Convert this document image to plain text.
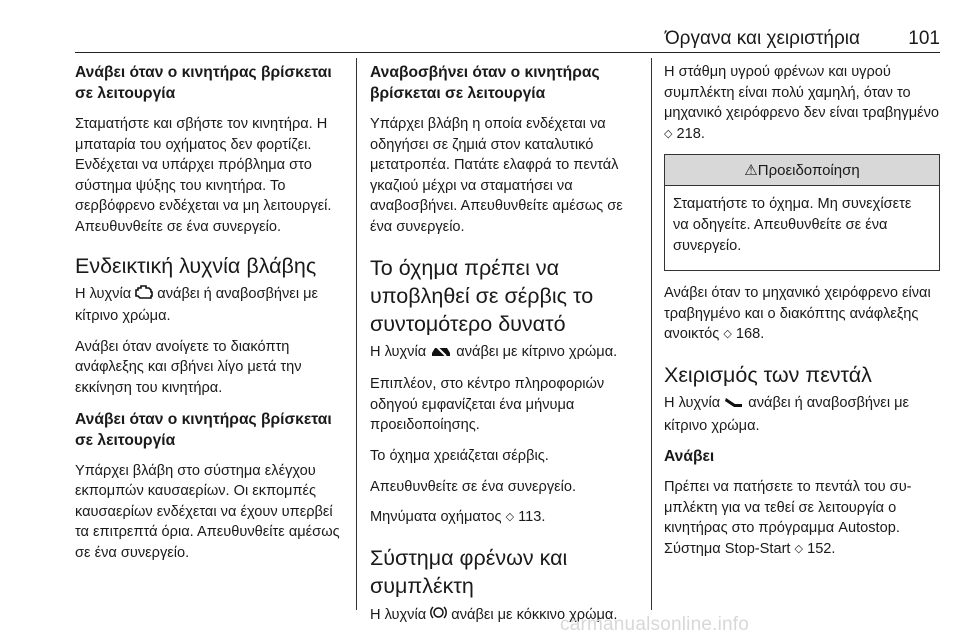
Όργανα και χειριστήρια	101
Ανάβει όταν ο κινητήρας βρίσκεται σε λειτουργία

Σταματήστε και σβήστε τον κινητήρα. Η μπαταρία του οχήματος δεν φορτίζει. Ενδέχεται να υπάρχει πρόβλημα στο σύστημα ψύξης του κινητήρα. Το σερβόφρενο ενδέχεται να μη λειτουργεί. Απευθυνθείτε σε ένα συνεργείο.

Ενδεικτική λυχνία βλάβης

Η λυχνία  ανάβει ή αναβοσβήνει με κίτρινο χρώμα.

Ανάβει όταν ανοίγετε το διακόπτη ανάφλεξης και σβήνει λίγο μετά την εκκίνηση του κινητήρα.

Ανάβει όταν ο κινητήρας βρίσκεται σε λειτουργία

Υπάρχει βλάβη στο σύστημα ελέγχου εκπομπών καυσαερίων. Οι εκπομπές καυσαερίων ενδέχεται να έχουν υπερβεί τα επιτρεπτά όρια. Απευθυνθείτε αμέσως σε ένα συνεργείο.

Αναβοσβήνει όταν ο κινητήρας βρίσκεται σε λειτουργία

Υπάρχει βλάβη η οποία ενδέχεται να οδηγήσει σε ζημιά στον καταλυτικό μετατροπέα. Πατάτε ελαφρά το πεντάλ γκαζιού μέχρι να σταματήσει να αναβοσβήνει. Απευθυνθείτε αμέσως σε ένα συνεργείο.

Το όχημα πρέπει να υποβληθεί σε σέρβις το συντομότερο δυνατό

Η λυχνία  ανάβει με κίτρινο χρώμα.

Επιπλέον, στο κέντρο πληροφοριών οδηγού εμφανίζεται ένα μήνυμα προειδοποίησης.

Το όχημα χρειάζεται σέρβις.

Απευθυνθείτε σε ένα συνεργείο.

Μηνύματα οχήματος ◇ 113.

Σύστημα φρένων και συμπλέκτη

Η λυχνία  ανάβει με κόκκινο χρώμα.

Η στάθμη υγρού φρένων και υγρού συμπλέκτη είναι πολύ χαμηλή, όταν το μηχανικό χειρόφρενο δεν είναι τραβηγμένο ◇ 218.

⚠Προειδοποίηση

Σταματήστε το όχημα. Μη συνεχίσετε να οδηγείτε. Απευθυνθείτε σε ένα συνεργείο.

Ανάβει όταν το μηχανικό χειρόφρενο είναι τραβηγμένο και ο διακόπτης ανάφλεξης ανοικτός ◇ 168.

Χειρισμός των πεντάλ

Η λυχνία  ανάβει ή αναβοσβήνει με κίτρινο χρώμα.

Ανάβει

Πρέπει να πατήσετε το πεντάλ του συμπλέκτη για να τεθεί σε λειτουργία ο κινητήρας στο πρόγραμμα Autostop. Σύστημα Stop-Start ◇ 152.

carmanualsonline.info
